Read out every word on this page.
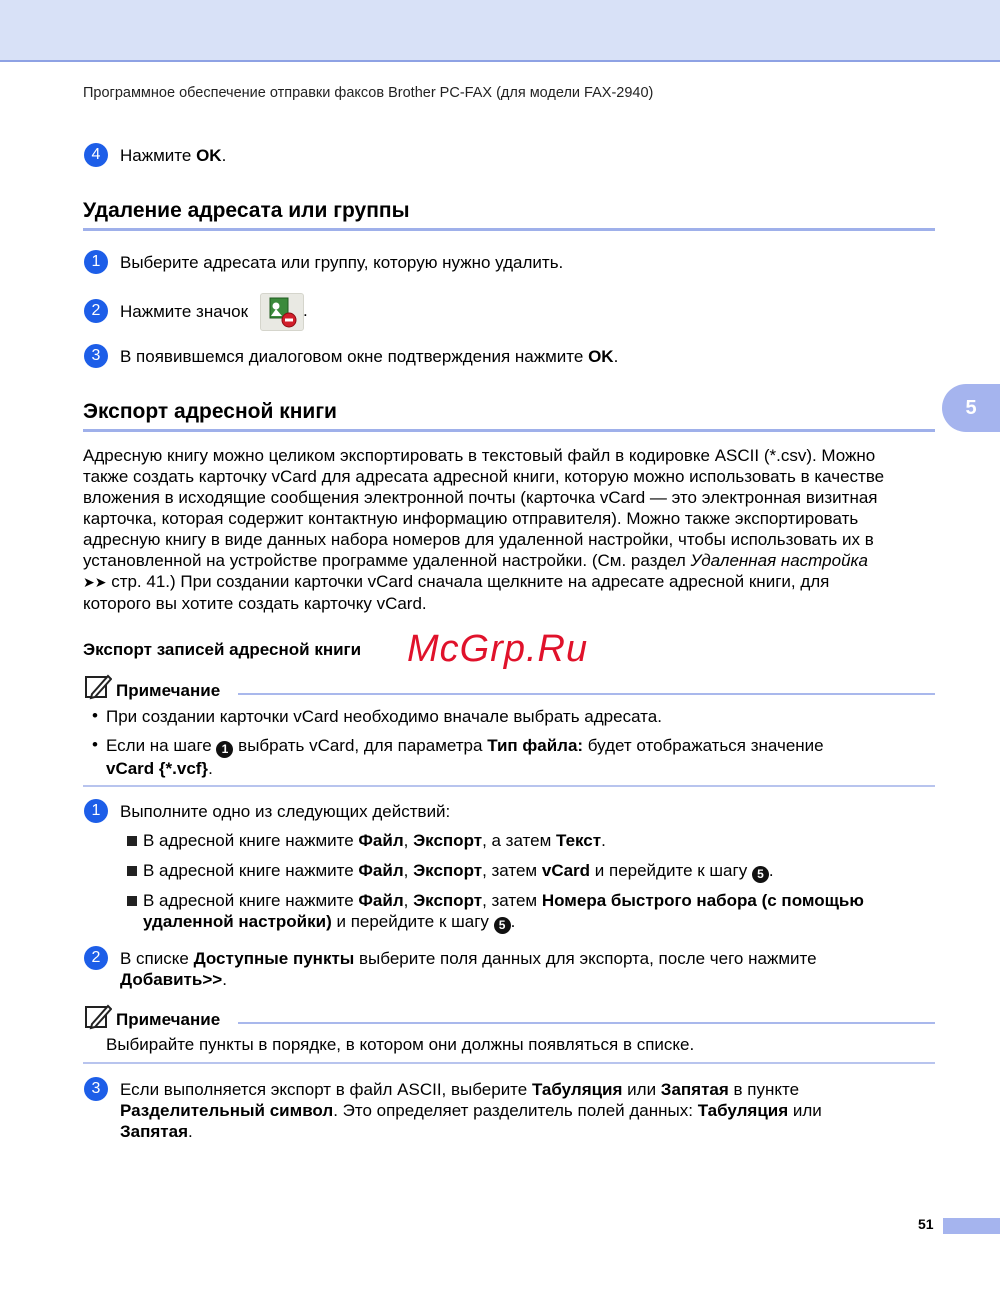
Программное обеспечение отправки факсов Brother PC-FAX (для модели FAX-2940)
5
4	Нажмите OK.
Удаление адресата или группы
1	Выберите адресата или группу, которую нужно удалить.
2	Нажмите значок	.
3	В появившемся диалоговом окне подтверждения нажмите OK.
Экспорт адресной книги
Адресную книгу можно целиком экспортировать в текстовый файл в кодировке ASCII (*.csv). Можно
также создать карточку vCard для адресата адресной книги, которую можно использовать в качестве
вложения в исходящие сообщения электронной почты (карточка vCard — это электронная визитная
карточка, которая содержит контактную информацию отправителя). Можно также экспортировать
адресную книгу в виде данных набора номеров для удаленной настройки, чтобы использовать их в
установленной на устройстве программе удаленной настройки. (См. раздел Удаленная настройка
➤➤ стр. 41.) При создании карточки vCard сначала щелкните на адресате адресной книги, для
которого вы хотите создать карточку vCard.
Экспорт записей адресной книги McGrp.Ru
Примечание
• При создании карточки vCard необходимо вначале выбрать адресата.
• Если на шаге 1 выбрать vCard, для параметра Тип файла: будет отображаться значение
vCard {*.vcf}.
1	Выполните одно из следующих действий:
В адресной книге нажмите Файл, Экспорт, а затем Текст.
В адресной книге нажмите Файл, Экспорт, затем vCard и перейдите к шагу 5 .
В адресной книге нажмите Файл, Экспорт, затем Номера быстрого набора (с помощью
удаленной настройки) и перейдите к шагу 5 .
2	В списке Доступные пункты выберите поля данных для экспорта, после чего нажмите
Добавить>>.
Примечание
Выбирайте пункты в порядке, в котором они должны появляться в списке.
3	Если выполняется экспорт в файл ASCII, выберите Табуляция или Запятая в пункте
Разделительный символ. Это определяет разделитель полей данных: Табуляция или
Запятая.
51
